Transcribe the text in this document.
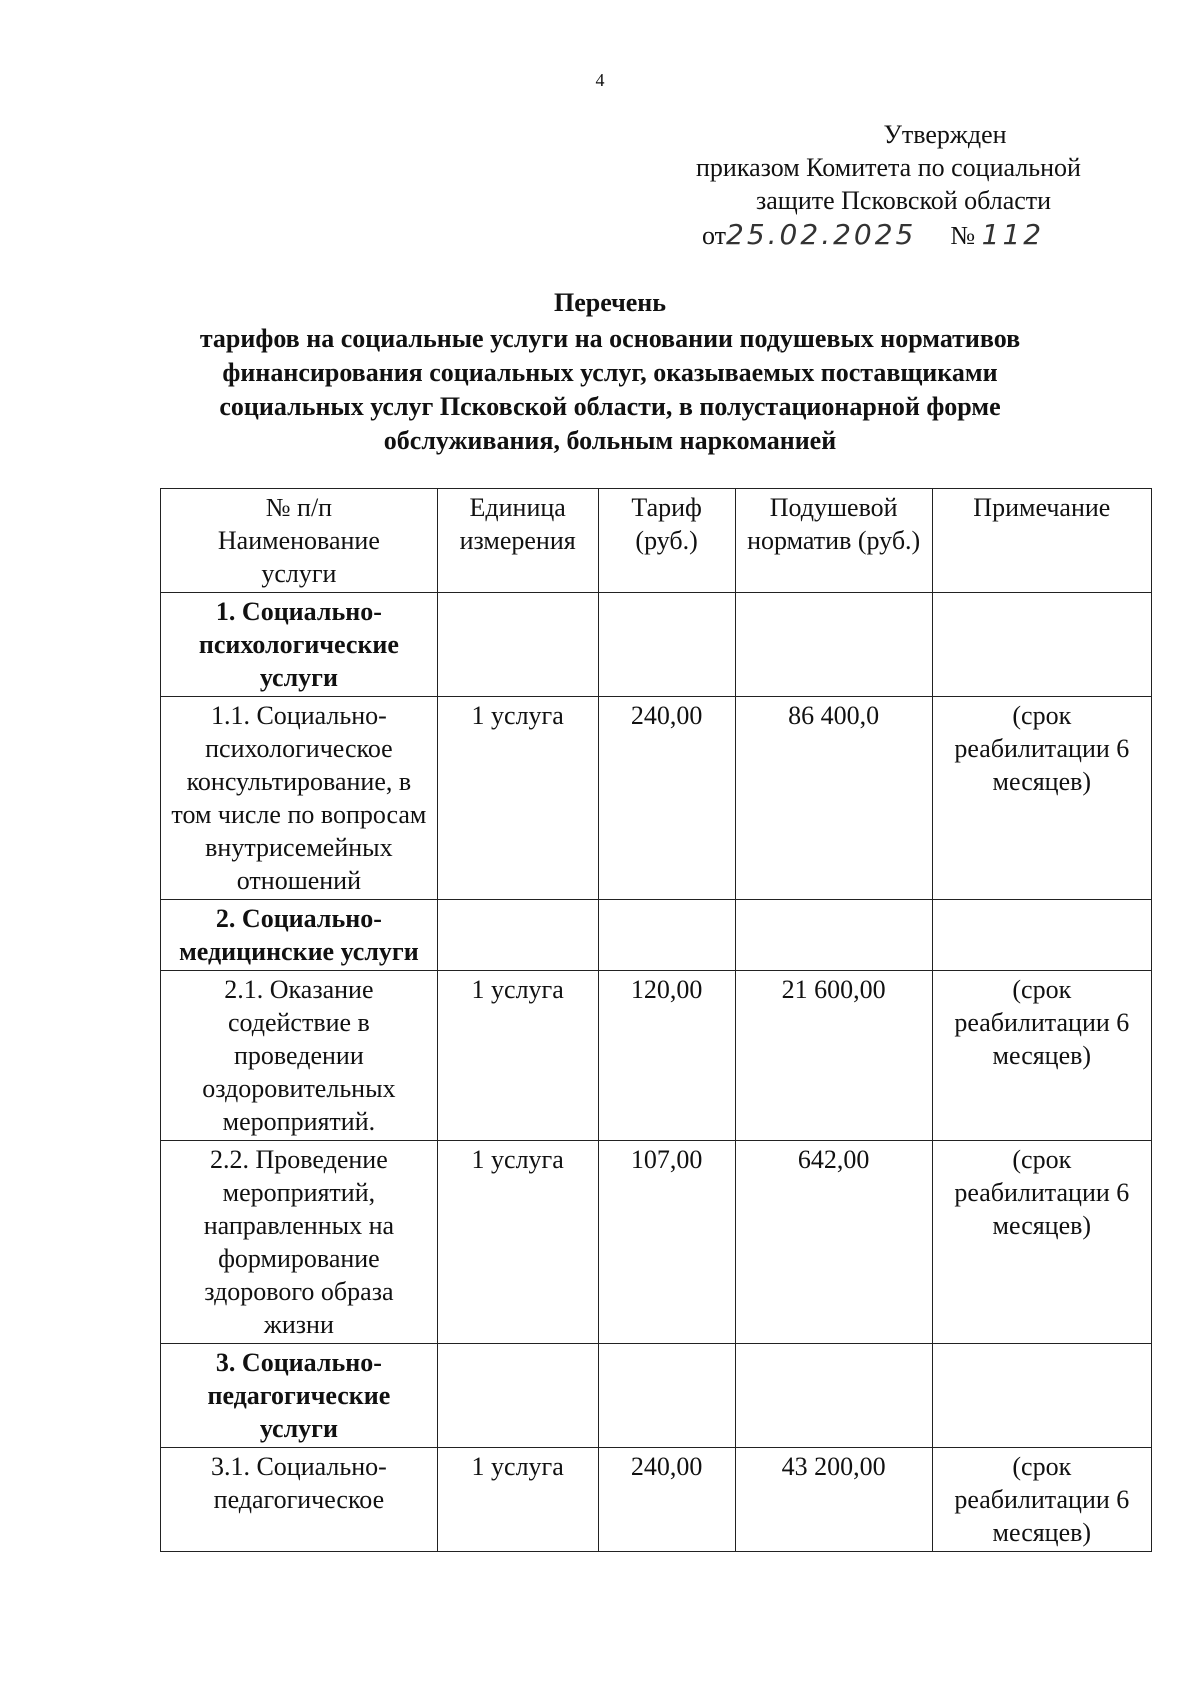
4
Утвержден
приказом Комитета по социальной
защите Псковской области
от25.02.2025 № 112
Перечень
тарифов на социальные услуги на основании подушевых нормативов финансирования социальных услуг, оказываемых поставщиками социальных услуг Псковской области, в полустационарной форме обслуживания, больным наркоманией
№ п/п
Наименование
услуги	Единица измерения	Тариф (руб.)	Подушевой норматив (руб.)	Примечание
1. Социально-психологические услуги				
1.1. Социально-психологическое консультирование, в том числе по вопросам внутрисемейных отношений	1 услуга	240,00	86 400,0	(срок реабилитации 6 месяцев)
2. Социально-медицинские услуги				
2.1. Оказание содействие в проведении оздоровительных мероприятий.	1 услуга	120,00	21 600,00	(срок реабилитации 6 месяцев)
2.2. Проведение мероприятий, направленных на формирование здорового образа жизни	1 услуга	107,00	642,00	(срок реабилитации 6 месяцев)
3. Социально-педагогические услуги				
3.1. Социально-педагогическое	1 услуга	240,00	43 200,00	(срок реабилитации 6 месяцев)
